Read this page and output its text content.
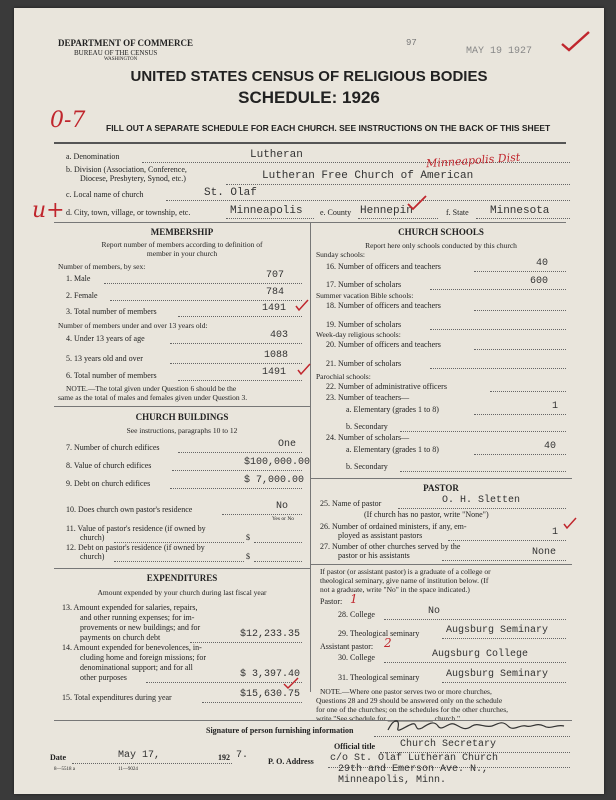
DEPARTMENT OF COMMERCE
BUREAU OF THE CENSUS
WASHINGTON
97
MAY 19 1927
UNITED STATES CENSUS OF RELIGIOUS BODIES
SCHEDULE: 1926
0-7
u+
FILL OUT A SEPARATE SCHEDULE FOR EACH CHURCH. SEE INSTRUCTIONS ON THE BACK OF THIS SHEET
a. Denomination	Lutheran
b. Division (Association, Conference,
Diocese, Presbytery, Synod, etc.)	Lutheran Free Church of American
Minneapolis Dist
c. Local name of church	St. Olaf
d. City, town, village, or township, etc.	Minneapolis e. County Hennepin	f. State Minnesota
MEMBERSHIP
Report number of members according to definition of
member in your church
Number of members, by sex:
1. Male	707
2. Female	784
3. Total number of members	1491
Number of members under and over 13 years old:
4. Under 13 years of age	403
5. 13 years old and over	1088
6. Total number of members	1491
NOTE.—The total given under Question 6 should be the
same as the total of males and females given under Question 3.
CHURCH BUILDINGS
See instructions, paragraphs 10 to 12
7. Number of church edifices	One
8. Value of church edifices	$100,000.00
9. Debt on church edifices	$ 7,000.00
10. Does church own pastor's residence	No
Yes or No
11. Value of pastor's residence (if owned by
church)	$
12. Debt on pastor's residence (if owned by
church)	$
EXPENDITURES
Amount expended by your church during last fiscal year
13. Amount expended for salaries, repairs,
and other running expenses; for im-
provements or new buildings; and for
payments on church debt	$12,233.35
14. Amount expended for benevolences, in-
cluding home and foreign missions; for
denominational support; and for all
other purposes	$ 3,397.40
15. Total expenditures during year	$15,630.75
CHURCH SCHOOLS
Report here only schools conducted by this church
Sunday schools:
16. Number of officers and teachers	40
17. Number of scholars	600
Summer vacation Bible schools:
18. Number of officers and teachers
19. Number of scholars
Week-day religious schools:
20. Number of officers and teachers
21. Number of scholars
Parochial schools:
22. Number of administrative officers
23. Number of teachers—
a. Elementary (grades 1 to 8)	1
b. Secondary
24. Number of scholars—
a. Elementary (grades 1 to 8)	40
b. Secondary
PASTOR
25. Name of pastor	O. H. Sletten
(If church has no pastor, write "None")
26. Number of ordained ministers, if any, em-
ployed as assistant pastors	1
27. Number of other churches served by the
pastor or his assistants	None
If pastor (or assistant pastor) is a graduate of a college or
theological seminary, give name of institution below. (If
not a graduate, write "No" in the space indicated.)
Pastor: 1
28. College	No
29. Theological seminary	Augsburg Seminary
Assistant pastor: 2
30. College	Augsburg College
31. Theological seminary	Augsburg Seminary
NOTE.—Where one pastor serves two or more churches,
Questions 28 and 29 should be answered only on the schedule
for one of the churches; on the schedules for the other churches,
write "See schedule for ____________ church."
Signature of person furnishing information
Official title Church Secretary
Date	May 17,	192 7.
8—5518 a	11—9024
P. O. Address c/o St. Olaf Lutheran Church
29th and Emerson Ave. N.,
Minneapolis, Minn.
